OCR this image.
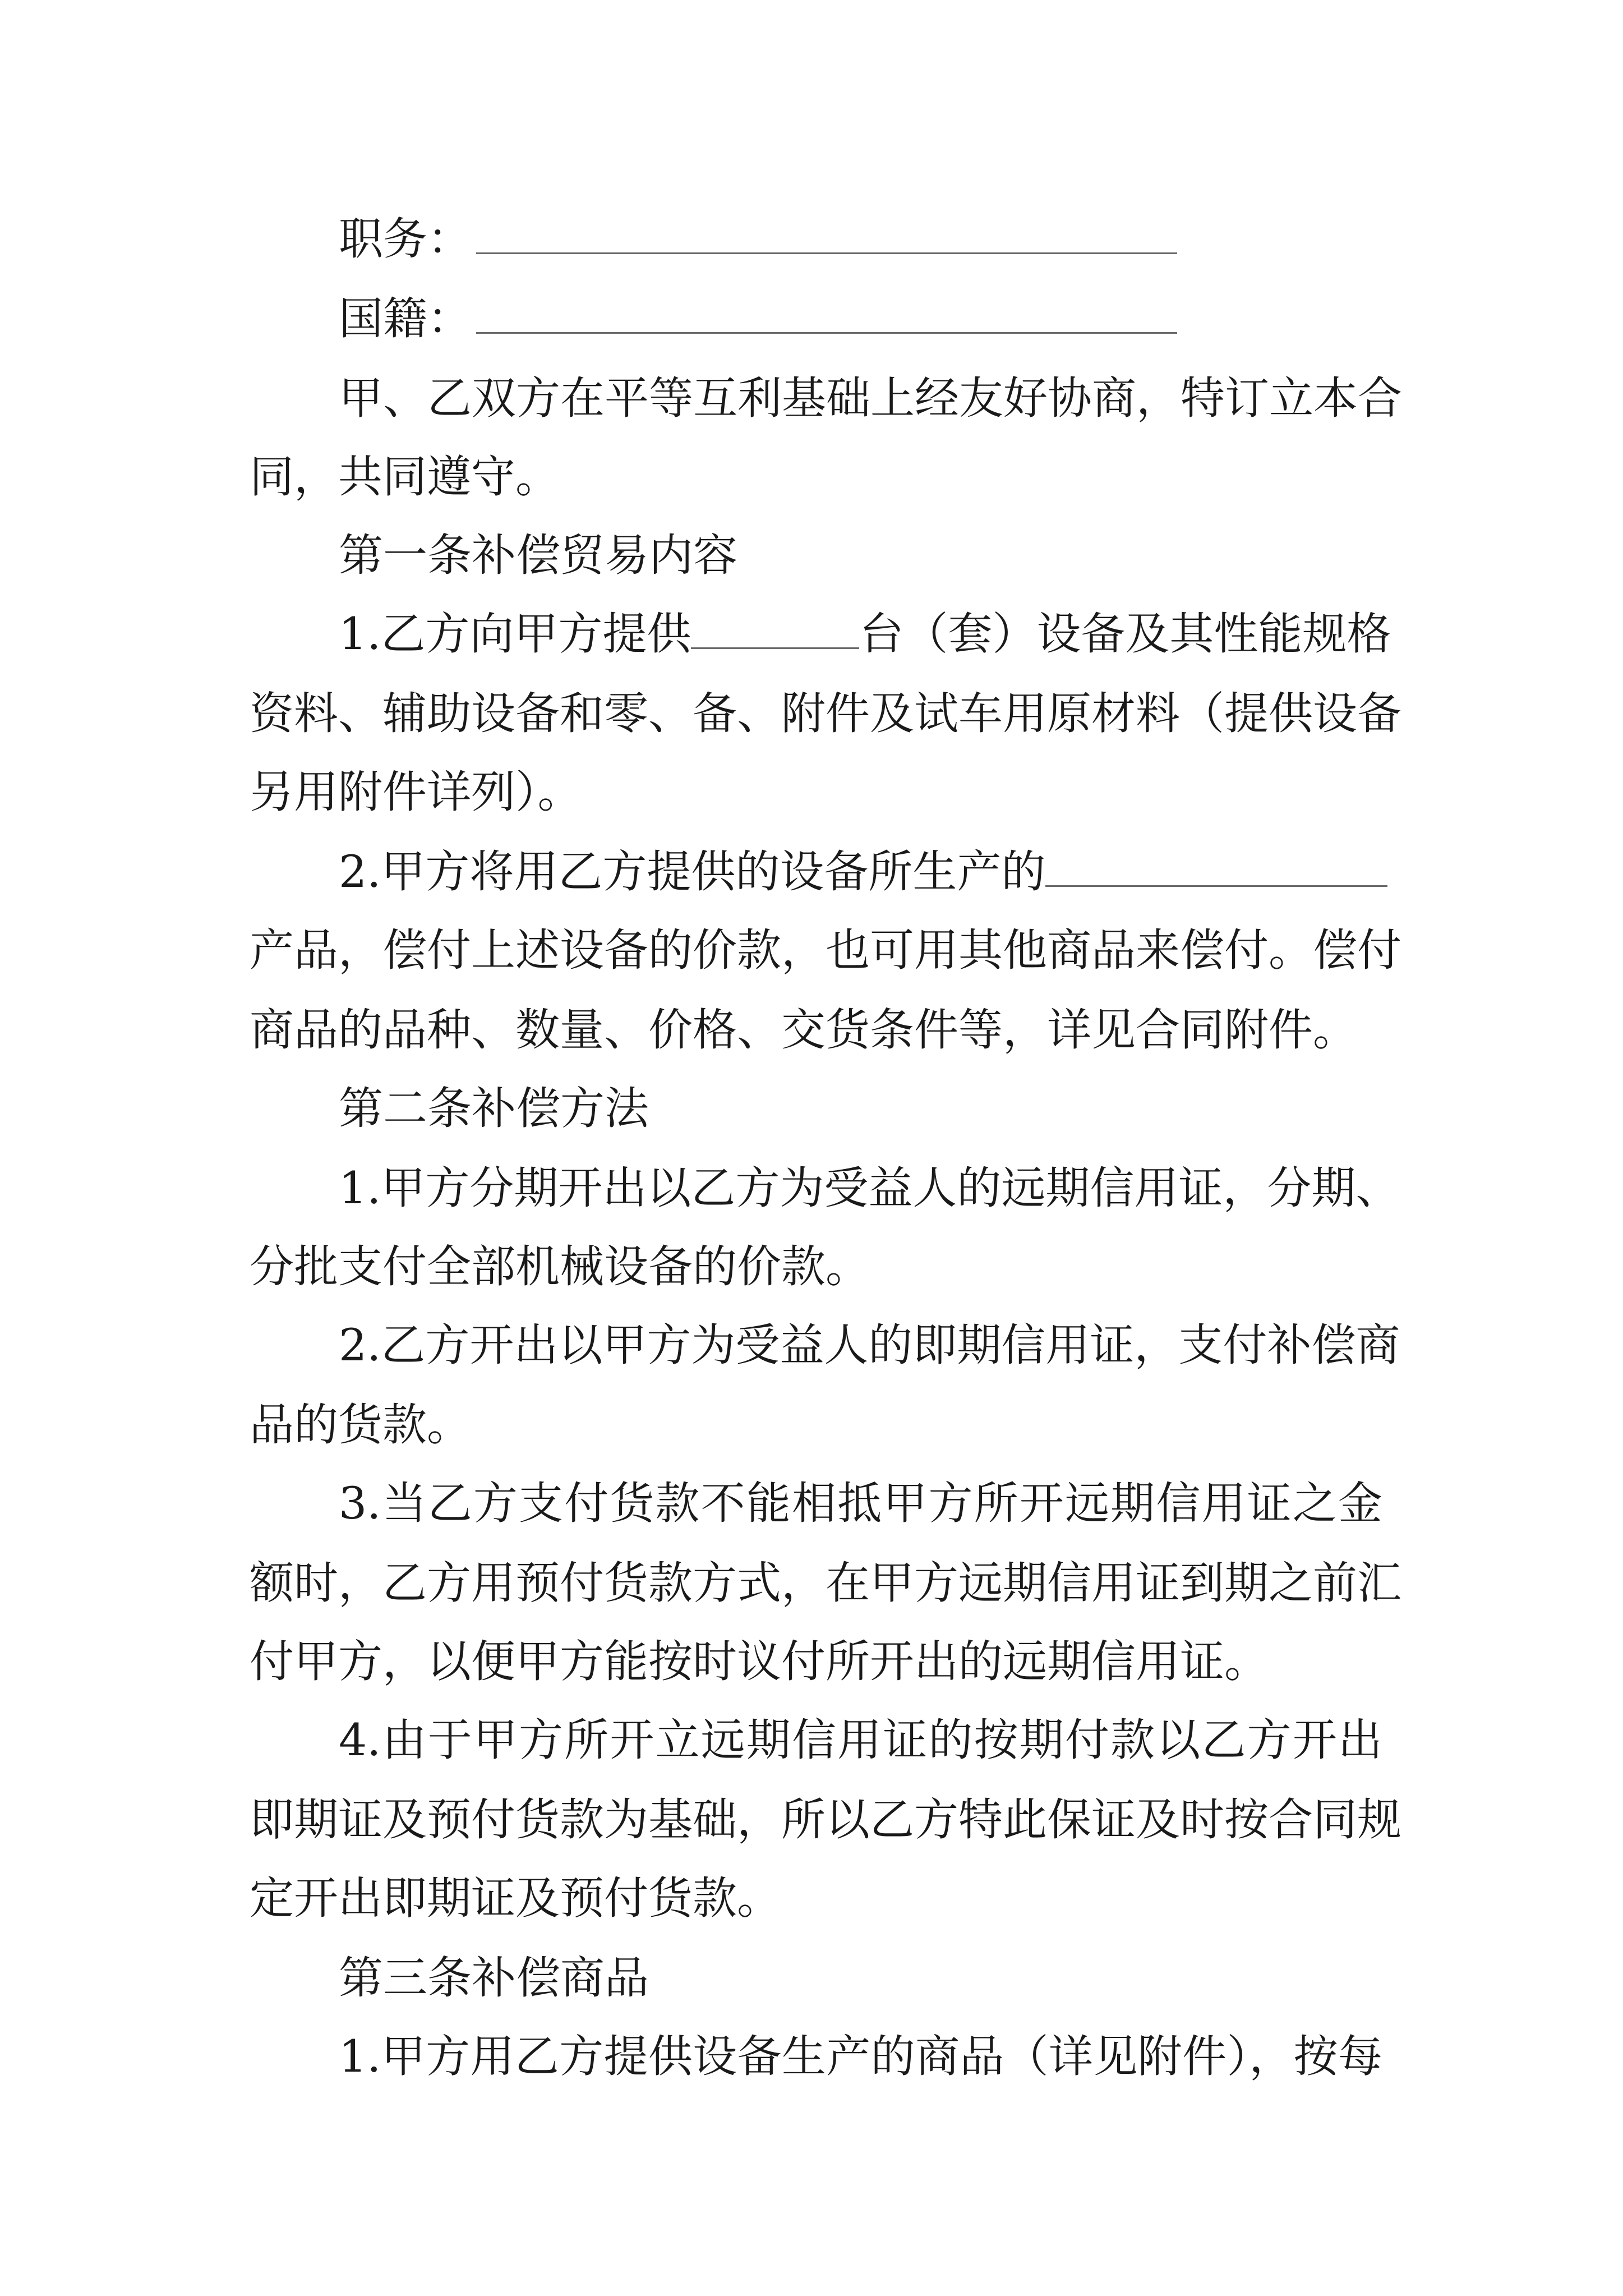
职务：
国籍：
甲、乙双方在平等互利基础上经友好协商，特订立本合
同，共同遵守。
第一条补偿贸易内容
1.乙方向甲方提供	台（套）设备及其性能规格
资料、辅助设备和零、备、附件及试车用原材料（提供设备
另用附件详列）。
2.甲方将用乙方提供的设备所生产的
产品，偿付上述设备的价款，也可用其他商品来偿付。偿付
商品的品种、数量、价格、交货条件等，详见合同附件。
第二条补偿方法
1.甲方分期开出以乙方为受益人的远期信用证，分期、
分批支付全部机械设备的价款。
2.乙方开出以甲方为受益人的即期信用证，支付补偿商
品的货款。
3.当乙方支付货款不能相抵甲方所开远期信用证之金
额时，乙方用预付货款方式，在甲方远期信用证到期之前汇
付甲方，以便甲方能按时议付所开出的远期信用证。
4.由于甲方所开立远期信用证的按期付款以乙方开出
即期证及预付货款为基础，所以乙方特此保证及时按合同规
定开出即期证及预付货款。
第三条补偿商品
1.甲方用乙方提供设备生产的商品（详见附件），按每
